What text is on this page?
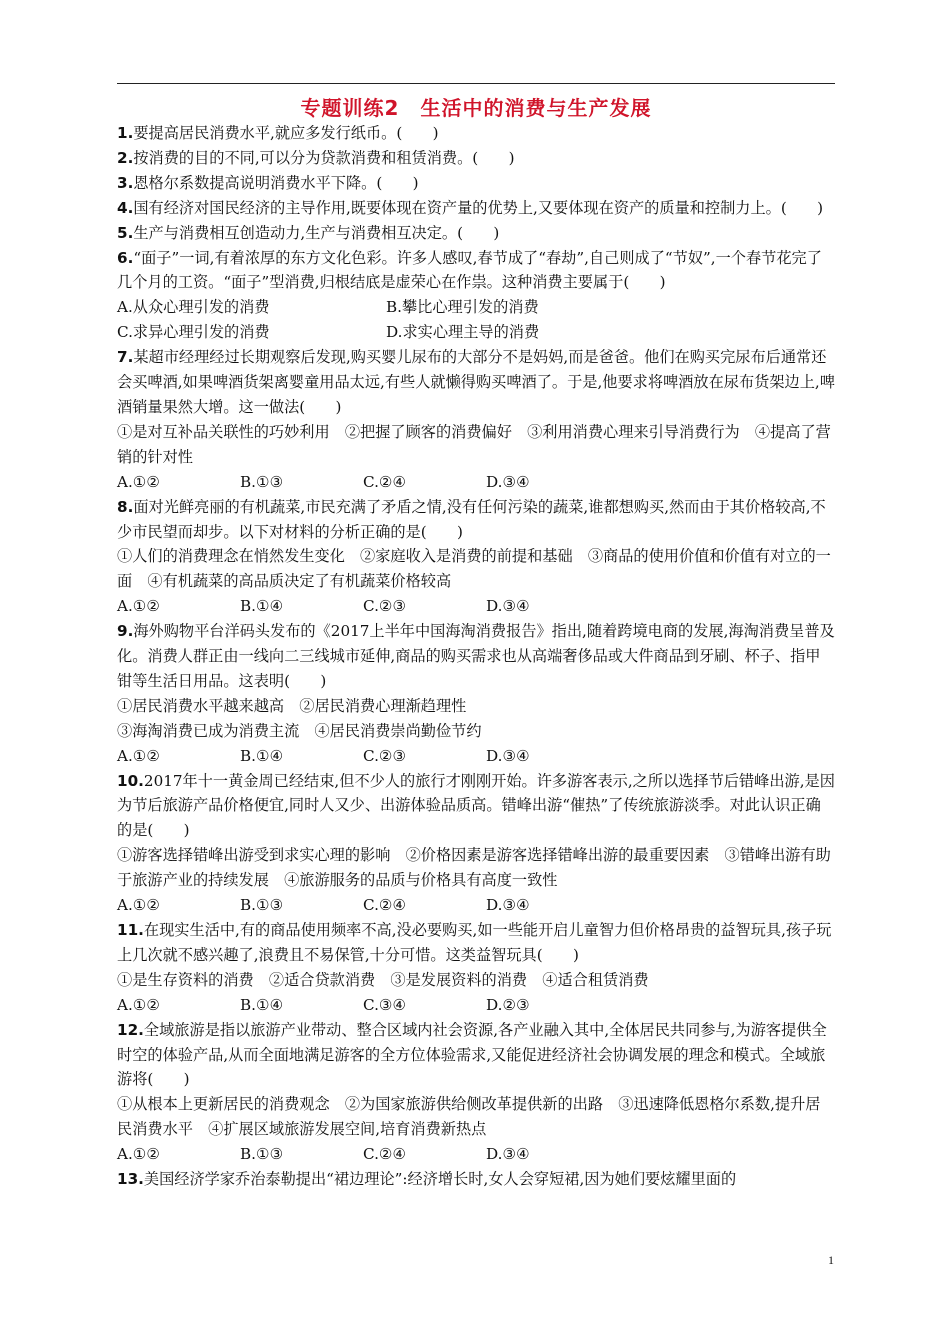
专题训练2　生活中的消费与生产发展

1.要提高居民消费水平,就应多发行纸币。(　　)

2.按消费的目的不同,可以分为贷款消费和租赁消费。(　　)

3.恩格尔系数提高说明消费水平下降。(　　)

4.国有经济对国民经济的主导作用,既要体现在资产量的优势上,又要体现在资产的质量和控制力上。(　　)

5.生产与消费相互创造动力,生产与消费相互决定。(　　)

6.“面子”一词,有着浓厚的东方文化色彩。许多人感叹,春节成了“春劫”,自己则成了“节奴”,一个春节花完了几个月的工资。“面子”型消费,归根结底是虚荣心在作祟。这种消费主要属于(　　)

A.从众心理引发的消费	B.攀比心理引发的消费
C.求异心理引发的消费	D.求实心理主导的消费

7.某超市经理经过长期观察后发现,购买婴儿尿布的大部分不是妈妈,而是爸爸。他们在购买完尿布后通常还会买啤酒,如果啤酒货架离婴童用品太远,有些人就懒得购买啤酒了。于是,他要求将啤酒放在尿布货架边上,啤酒销量果然大增。这一做法(　　)

①是对互补品关联性的巧妙利用　②把握了顾客的消费偏好　③利用消费心理来引导消费行为　④提高了营销的针对性

A.①②	B.①③	C.②④	D.③④

8.面对光鲜亮丽的有机蔬菜,市民充满了矛盾之情,没有任何污染的蔬菜,谁都想购买,然而由于其价格较高,不少市民望而却步。以下对材料的分析正确的是(　　)

①人们的消费理念在悄然发生变化　②家庭收入是消费的前提和基础　③商品的使用价值和价值有对立的一面　④有机蔬菜的高品质决定了有机蔬菜价格较高

A.①②	B.①④	C.②③	D.③④

9.海外购物平台洋码头发布的《2017上半年中国海淘消费报告》指出,随着跨境电商的发展,海淘消费呈普及化。消费人群正由一线向二三线城市延伸,商品的购买需求也从高端奢侈品或大件商品到牙刷、杯子、指甲钳等生活日用品。这表明(　　)

①居民消费水平越来越高　②居民消费心理渐趋理性

③海淘消费已成为消费主流　④居民消费崇尚勤俭节约

A.①②	B.①④	C.②③	D.③④

10.2017年十一黄金周已经结束,但不少人的旅行才刚刚开始。许多游客表示,之所以选择节后错峰出游,是因为节后旅游产品价格便宜,同时人又少、出游体验品质高。错峰出游“催热”了传统旅游淡季。对此认识正确的是(　　)

①游客选择错峰出游受到求实心理的影响　②价格因素是游客选择错峰出游的最重要因素　③错峰出游有助于旅游产业的持续发展　④旅游服务的品质与价格具有高度一致性

A.①②	B.①③	C.②④	D.③④

11.在现实生活中,有的商品使用频率不高,没必要购买,如一些能开启儿童智力但价格昂贵的益智玩具,孩子玩上几次就不感兴趣了,浪费且不易保管,十分可惜。这类益智玩具(　　)

①是生存资料的消费　②适合贷款消费　③是发展资料的消费　④适合租赁消费

A.①②	B.①④	C.③④	D.②③

12.全域旅游是指以旅游产业带动、整合区域内社会资源,各产业融入其中,全体居民共同参与,为游客提供全时空的体验产品,从而全面地满足游客的全方位体验需求,又能促进经济社会协调发展的理念和模式。全域旅游将(　　)

①从根本上更新居民的消费观念　②为国家旅游供给侧改革提供新的出路　③迅速降低恩格尔系数,提升居民消费水平　④扩展区域旅游发展空间,培育消费新热点

A.①②	B.①③	C.②④	D.③④

13.美国经济学家乔治泰勒提出“裙边理论”:经济增长时,女人会穿短裙,因为她们要炫耀里面的

1
